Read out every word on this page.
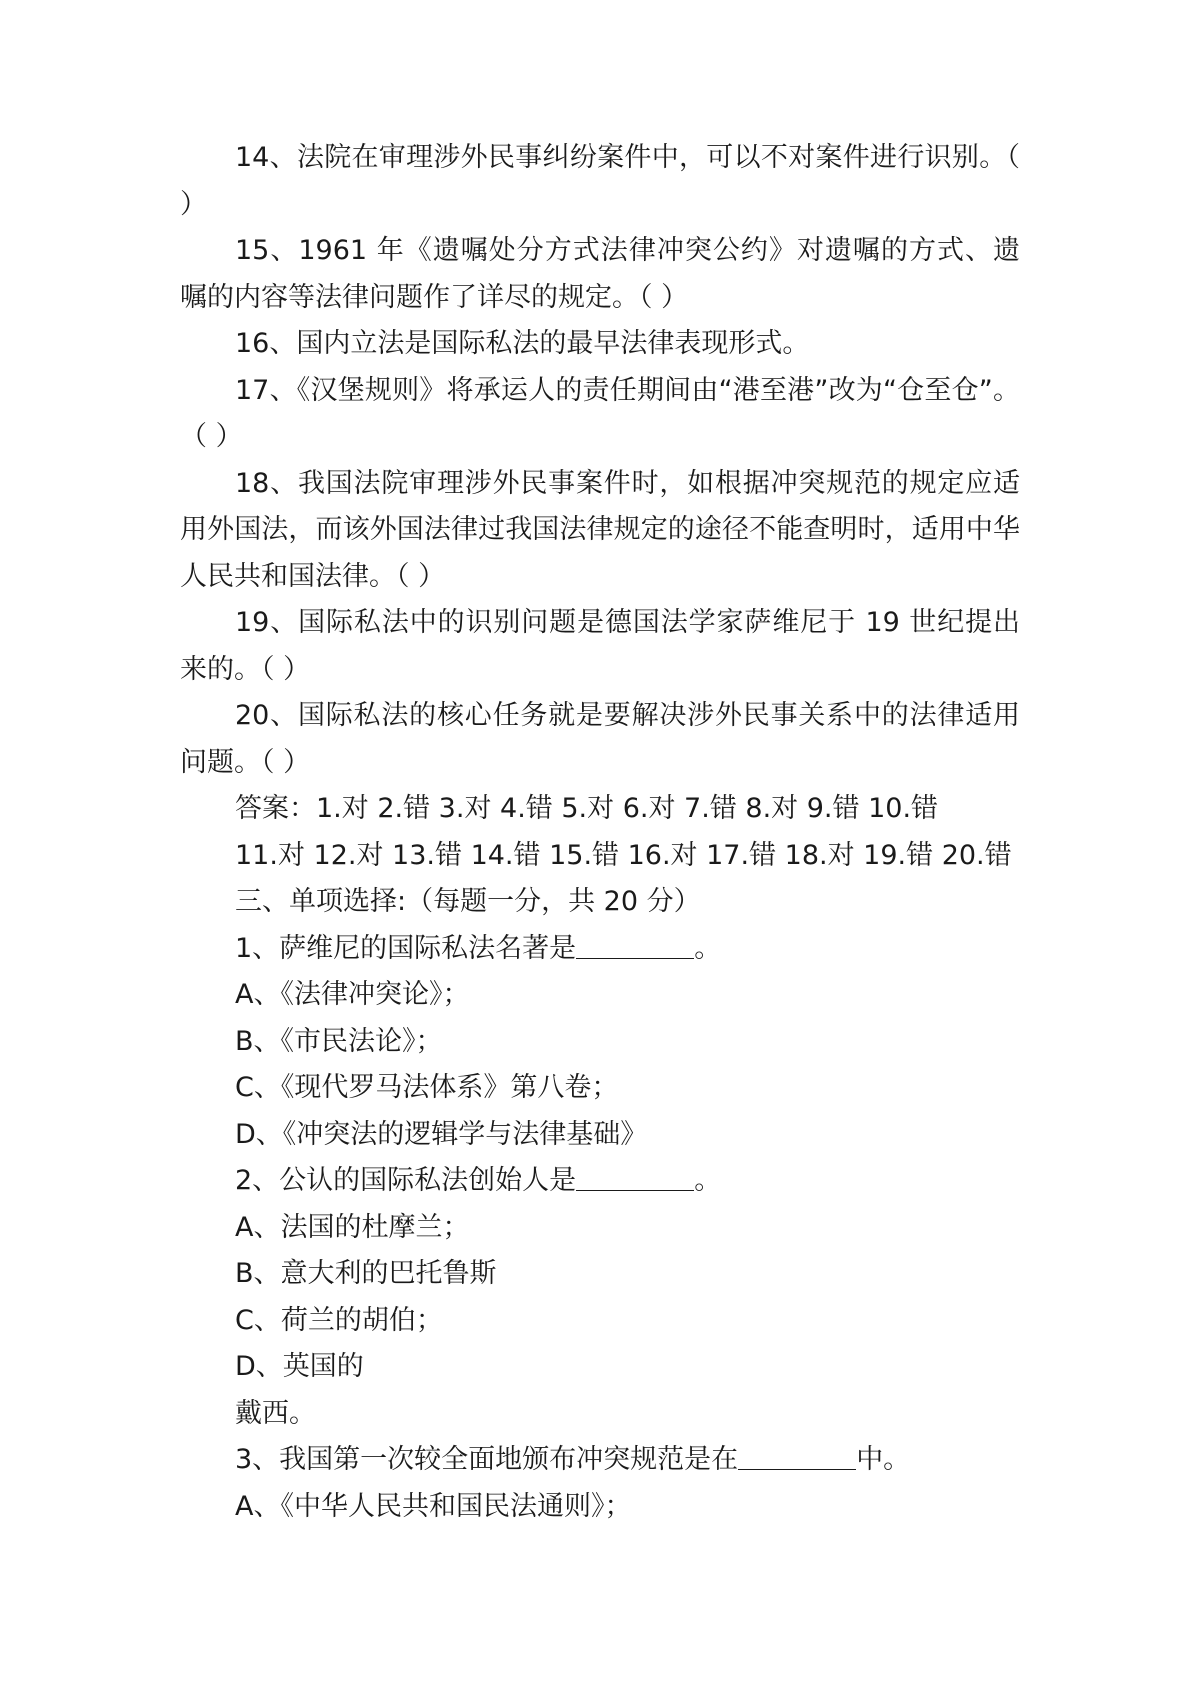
14、法院在审理涉外民事纠纷案件中，可以不对案件进行识别。（ ）

15、1961 年《遗嘱处分方式法律冲突公约》对遗嘱的方式、遗嘱的内容等法律问题作了详尽的规定。（ ）

16、国内立法是国际私法的最早法律表现形式。

17、《汉堡规则》将承运人的责任期间由“港至港”改为“仓至仓”。（ ）

18、我国法院审理涉外民事案件时，如根据冲突规范的规定应适用外国法，而该外国法律过我国法律规定的途径不能查明时，适用中华人民共和国法律。（ ）

19、国际私法中的识别问题是德国法学家萨维尼于 19 世纪提出来的。（ ）

20、国际私法的核心任务就是要解决涉外民事关系中的法律适用问题。（ ）

答案：1.对 2.错 3.对 4.错 5.对 6.对 7.错 8.对 9.错 10.错

11.对 12.对 13.错 14.错 15.错 16.对 17.错 18.对 19.错 20.错

三、单项选择:（每题一分，共 20 分）

1、萨维尼的国际私法名著是	。

A、《法律冲突论》；

B、《市民法论》；

C、《现代罗马法体系》第八卷；

D、《冲突法的逻辑学与法律基础》

2、公认的国际私法创始人是	。

A、法国的杜摩兰；

B、意大利的巴托鲁斯

C、荷兰的胡伯；

D、英国的

戴西。

3、我国第一次较全面地颁布冲突规范是在	中。

A、《中华人民共和国民法通则》；
